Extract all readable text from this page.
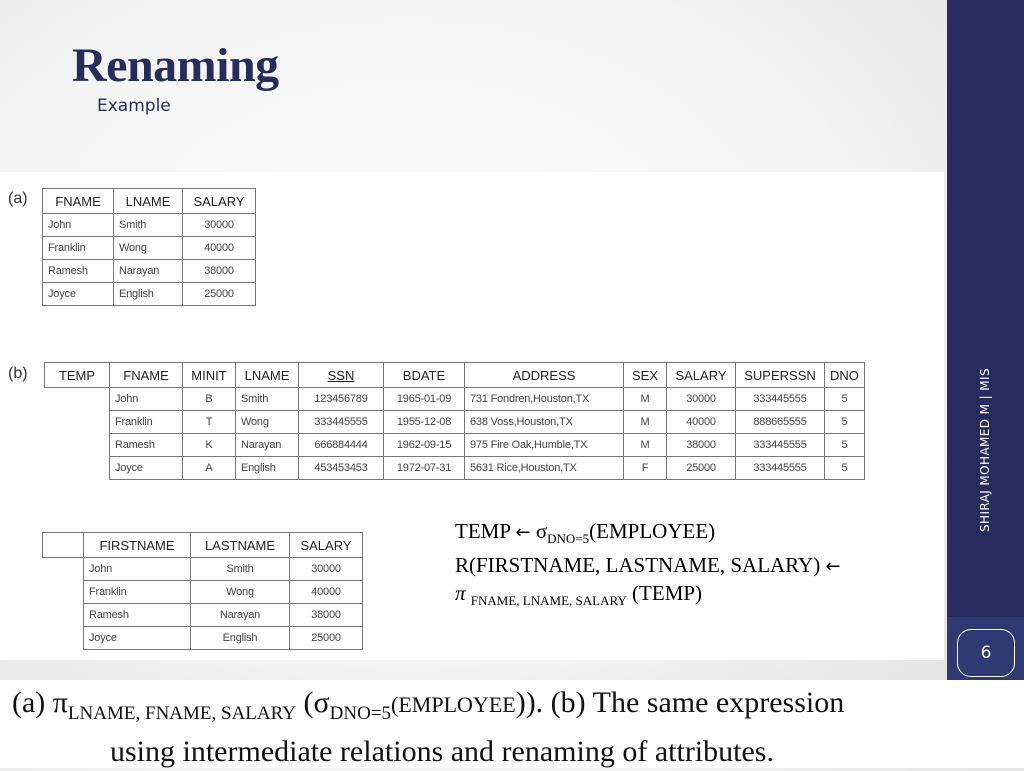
Renaming
Example
(a) FNAME	LNAME	SALARY
John	Smith	30000
Franklin	Wong	40000
Ramesh	Narayan	38000
Joyce	English	25000
(b) TEMP	FNAME	MINIT	LNAME	SSN	BDATE	ADDRESS	SEX	SALARY	SUPERSSN	DNO
	John	B	Smith	123456789	1965-01-09	731 Fondren,Houston,TX	M	30000	333445555	5
	Franklin	T	Wong	333445555	1955-12-08	638 Voss,Houston,TX	M	40000	888665555	5
	Ramesh	K	Narayan	666884444	1962-09-15	975 Fire Oak,Humble,TX	M	38000	333445555	5
	Joyce	A	English	453453453	1972-07-31	5631 Rice,Houston,TX	F	25000	333445555	5
	FIRSTNAME	LASTNAME	SALARY
	John	Smith	30000
	Franklin	Wong	40000
	Ramesh	Narayan	38000
	Joyce	English	25000
TEMP ← $\sigma_{DNO=5}(EMPLOYEE)$
R(FIRSTNAME, LASTNAME, SALARY) ←
π $_{FNAME, LNAME, SALARY}$ (TEMP)
SHIRAJ MOHAMED M | MIS
6
(a) $\pi_{LNAME, FNAME, SALARY}$ $(\sigma_{DNO=5}(EMPLOYEE))$. (b) The same expression
using intermediate relations and renaming of attributes.
